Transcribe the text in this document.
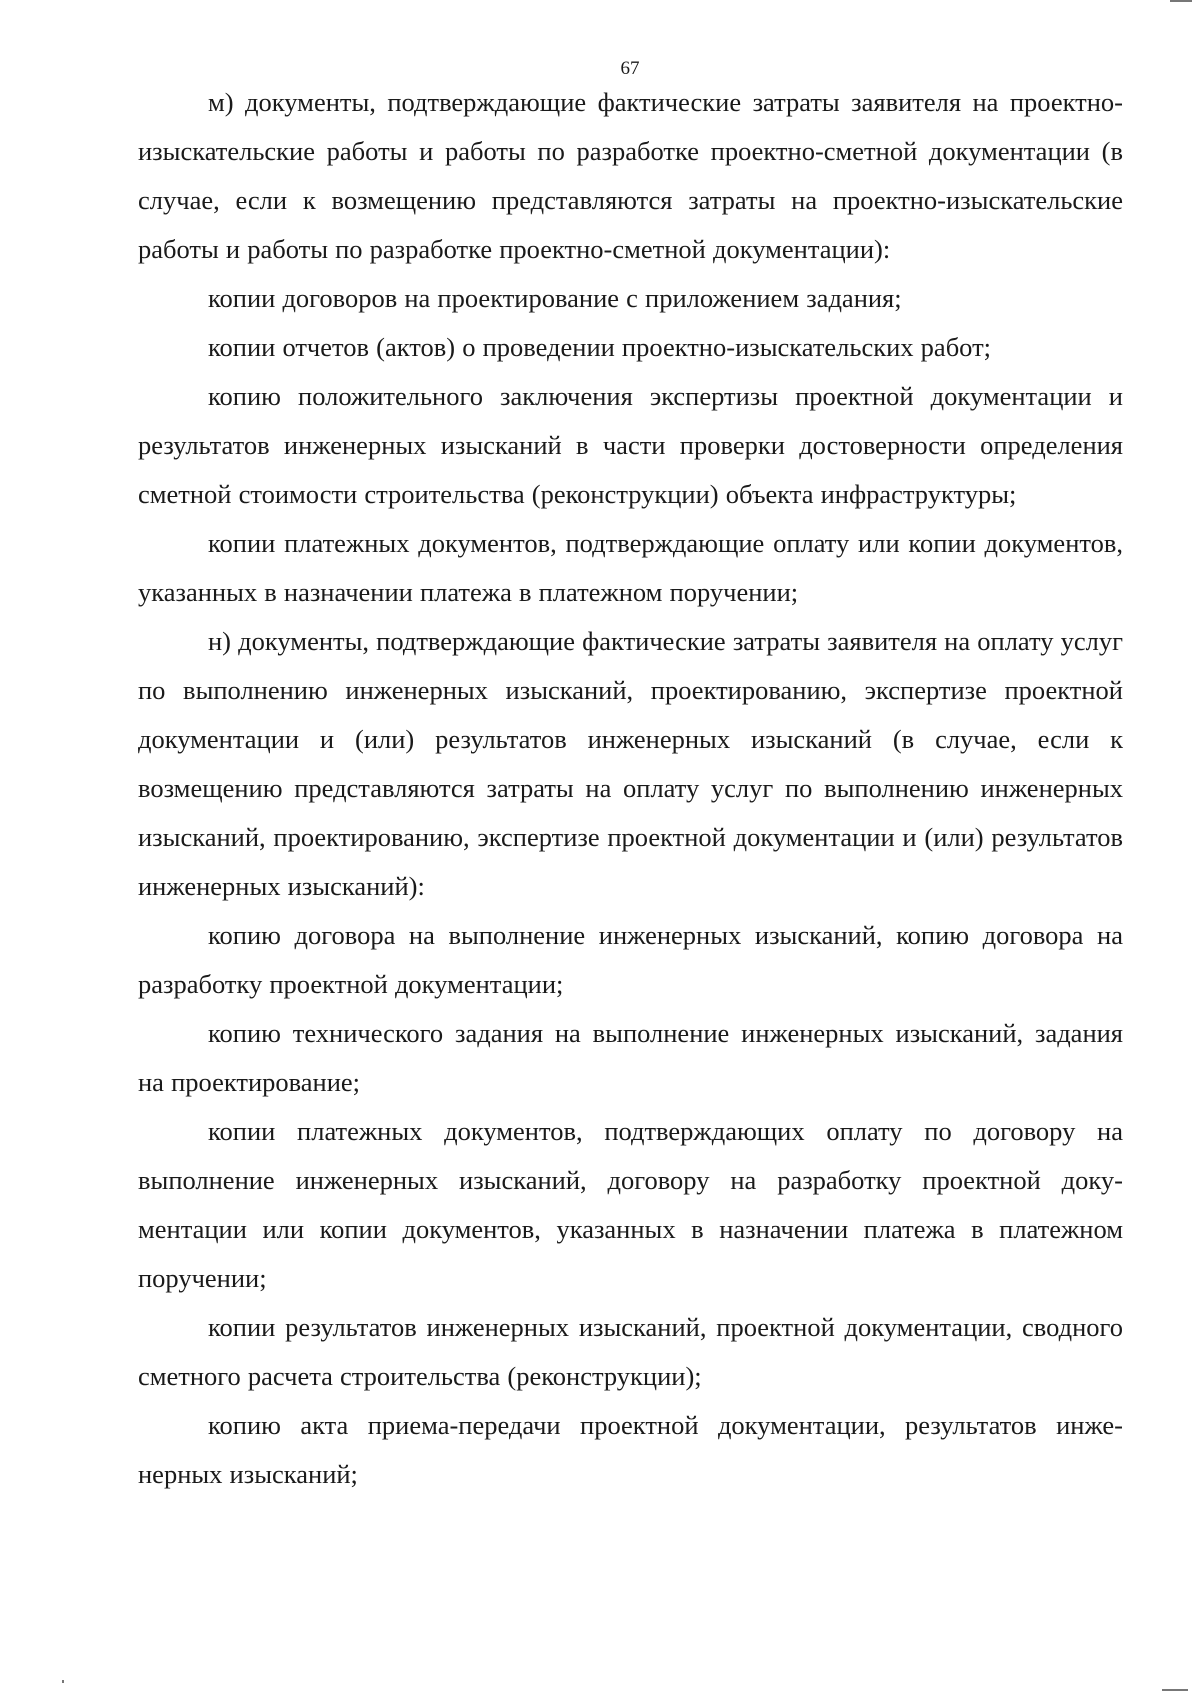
67

м) документы, подтверждающие фактические затраты заявителя на проектно-изыскательские работы и работы по разработке проектно-сметной документации (в случае, если к возмещению представляются затраты на проектно-изыскательские работы и работы по разработке проектно-сметной документации):

копии договоров на проектирование с приложением задания;

копии отчетов (актов) о проведении проектно-изыскательских работ;

копию положительного заключения экспертизы проектной документации и результатов инженерных изысканий в части проверки достоверности определения сметной стоимости строительства (реконструкции) объекта инфраструктуры;

копии платежных документов, подтверждающие оплату или копии документов, указанных в назначении платежа в платежном поручении;

н) документы, подтверждающие фактические затраты заявителя на оплату услуг по выполнению инженерных изысканий, проектированию, экспертизе проектной документации и (или) результатов инженерных изысканий (в случае, если к возмещению представляются затраты на оплату услуг по выполнению инженерных изысканий, проектированию, экспертизе проектной документации и (или) результатов инженерных изысканий):

копию договора на выполнение инженерных изысканий, копию договора на разработку проектной документации;

копию технического задания на выполнение инженерных изысканий, задания на проектирование;

копии платежных документов, подтверждающих оплату по договору на выполнение инженерных изысканий, договору на разработку проектной документации или копии документов, указанных в назначении платежа в платежном поручении;

копии результатов инженерных изысканий, проектной документации, сводного сметного расчета строительства (реконструкции);

копию акта приема-передачи проектной документации, результатов инженерных изысканий;
